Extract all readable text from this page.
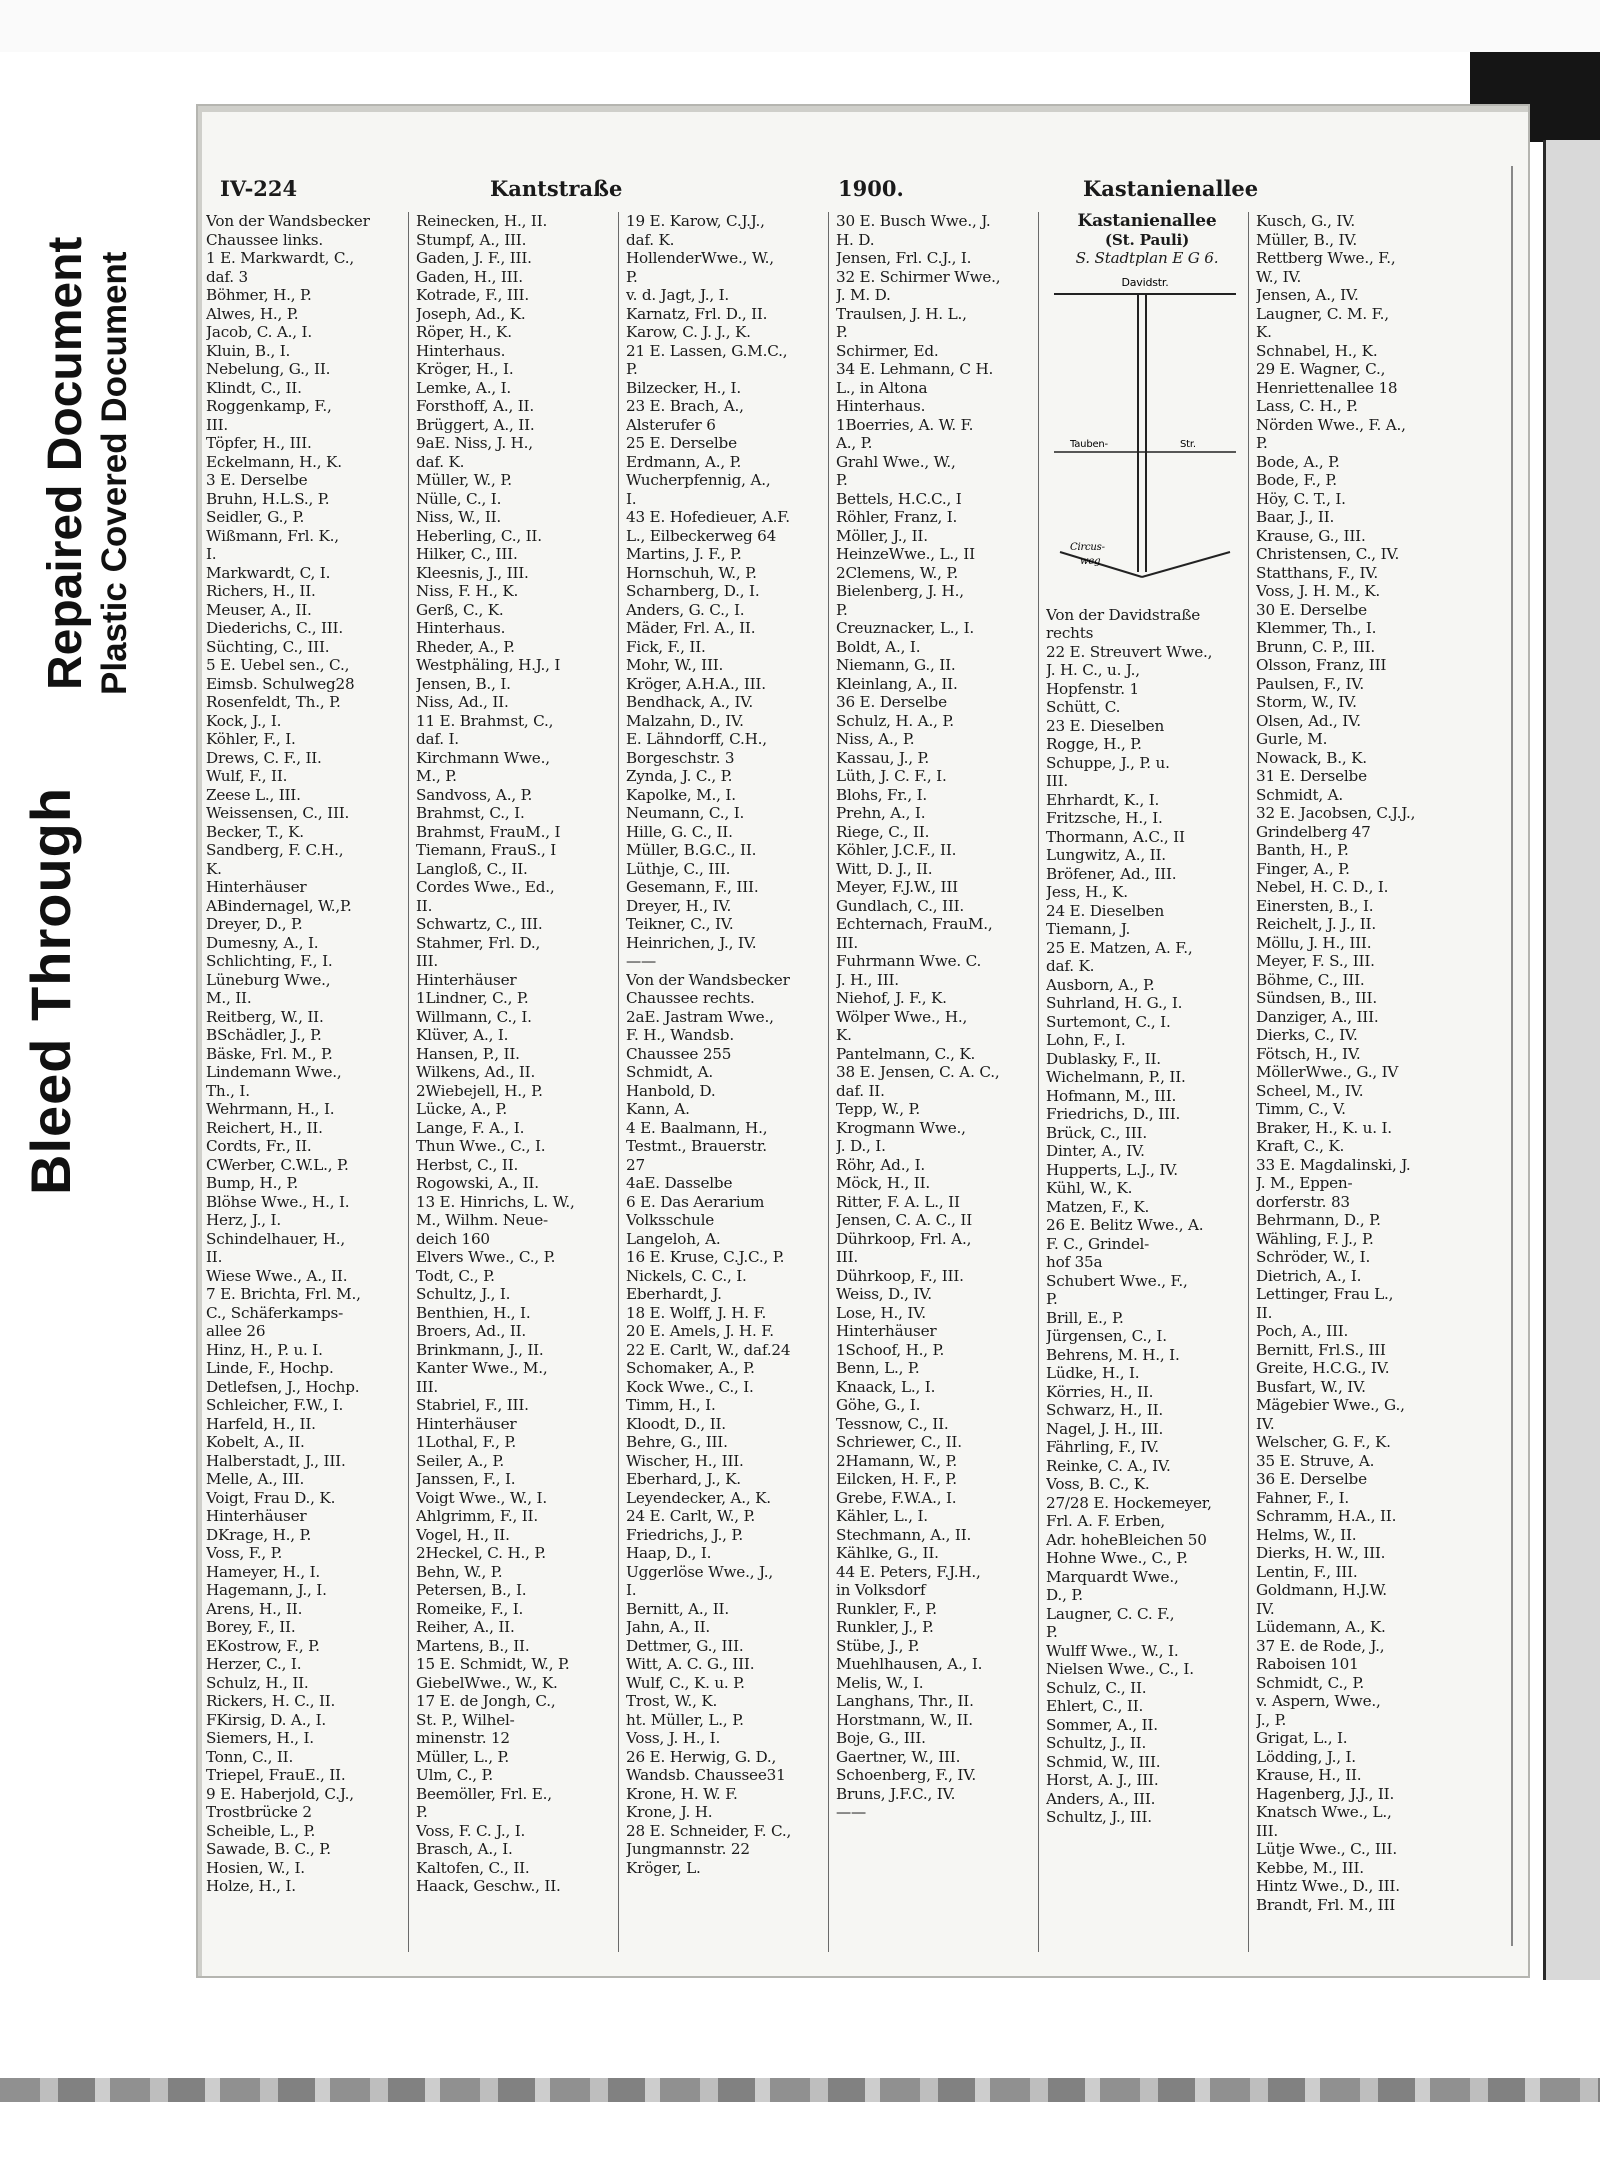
Bleed Through
Repaired Document Plastic Covered Document
IV-224	Kantstraße	1900.	Kastanienallee
Von der Wandsbecker
Chaussee links.
1 E. Markwardt, C.,
daf. 3
Böhmer, H., P.
Alwes, H., P.
Jacob, C. A., I.
Kluin, B., I.
Nebelung, G., II.
Klindt, C., II.
Roggenkamp, F.,
III.
Töpfer, H., III.
Eckelmann, H., K.
3 E. Derselbe
Bruhn, H.L.S., P.
Seidler, G., P.
Wißmann, Frl. K.,
I.
Markwardt, C, I.
Richers, H., II.
Meuser, A., II.
Diederichs, C., III.
Süchting, C., III.
5 E. Uebel sen., C.,
Eimsb. Schulweg28
Rosenfeldt, Th., P.
Kock, J., I.
Köhler, F., I.
Drews, C. F., II.
Wulf, F., II.
Zeese L., III.
Weissensen, C., III.
Becker, T., K.
Sandberg, F. C.H.,
K.
Hinterhäuser
ABindernagel, W.,P.
Dreyer, D., P.
Dumesny, A., I.
Schlichting, F., I.
Lüneburg Wwe.,
M., II.
Reitberg, W., II.
BSchädler, J., P.
Bäske, Frl. M., P.
Lindemann Wwe.,
Th., I.
Wehrmann, H., I.
Reichert, H., II.
Cordts, Fr., II.
CWerber, C.W.L., P.
Bump, H., P.
Blöhse Wwe., H., I.
Herz, J., I.
Schindelhauer, H.,
II.
Wiese Wwe., A., II.
7 E. Brichta, Frl. M.,
C., Schäferkamps-
allee 26
Hinz, H., P. u. I.
Linde, F., Hochp.
Detlefsen, J., Hochp.
Schleicher, F.W., I.
Harfeld, H., II.
Kobelt, A., II.
Halberstadt, J., III.
Melle, A., III.
Voigt, Frau D., K.
Hinterhäuser
DKrage, H., P.
Voss, F., P.
Hameyer, H., I.
Hagemann, J., I.
Arens, H., II.
Borey, F., II.
EKostrow, F., P.
Herzer, C., I.
Schulz, H., II.
Rickers, H. C., II.
FKirsig, D. A., I.
Siemers, H., I.
Tonn, C., II.
Triepel, FrauE., II.
9 E. Haberjold, C.J.,
Trostbrücke 2
Scheible, L., P.
Sawade, B. C., P.
Hosien, W., I.
Holze, H., I.
Reinecken, H., II.
Stumpf, A., III.
Gaden, J. F., III.
Gaden, H., III.
Kotrade, F., III.
Joseph, Ad., K.
Röper, H., K.
Hinterhaus.
Kröger, H., I.
Lemke, A., I.
Forsthoff, A., II.
Brüggert, A., II.
9aE. Niss, J. H.,
daf. K.
Müller, W., P.
Nülle, C., I.
Niss, W., II.
Heberling, C., II.
Hilker, C., III.
Kleesnis, J., III.
Niss, F. H., K.
Gerß, C., K.
Hinterhaus.
Rheder, A., P.
Westphäling, H.J., I
Jensen, B., I.
Niss, Ad., II.
11 E. Brahmst, C.,
daf. I.
Kirchmann Wwe.,
M., P.
Sandvoss, A., P.
Brahmst, C., I.
Brahmst, FrauM., I
Tiemann, FrauS., I
Langloß, C., II.
Cordes Wwe., Ed.,
II.
Schwartz, C., III.
Stahmer, Frl. D.,
III.
Hinterhäuser
1Lindner, C., P.
Willmann, C., I.
Klüver, A., I.
Hansen, P., II.
Wilkens, Ad., II.
2Wiebejell, H., P.
Lücke, A., P.
Lange, F. A., I.
Thun Wwe., C., I.
Herbst, C., II.
Rogowski, A., II.
13 E. Hinrichs, L. W.,
M., Wilhm. Neue-
deich 160
Elvers Wwe., C., P.
Todt, C., P.
Schultz, J., I.
Benthien, H., I.
Broers, Ad., II.
Brinkmann, J., II.
Kanter Wwe., M.,
III.
Stabriel, F., III.
Hinterhäuser
1Lothal, F., P.
Seiler, A., P.
Janssen, F., I.
Voigt Wwe., W., I.
Ahlgrimm, F., II.
Vogel, H., II.
2Heckel, C. H., P.
Behn, W., P.
Petersen, B., I.
Romeike, F., I.
Reiher, A., II.
Martens, B., II.
15 E. Schmidt, W., P.
GiebelWwe., W., K.
17 E. de Jongh, C.,
St. P., Wilhel-
minenstr. 12
Müller, L., P.
Ulm, C., P.
Beemöller, Frl. E.,
P.
Voss, F. C. J., I.
Brasch, A., I.
Kaltofen, C., II.
Haack, Geschw., II.
19 E. Karow, C.J.J.,
daf. K.
HollenderWwe., W.,
P.
v. d. Jagt, J., I.
Karnatz, Frl. D., II.
Karow, C. J. J., K.
21 E. Lassen, G.M.C.,
P.
Bilzecker, H., I.
23 E. Brach, A.,
Alsterufer 6
25 E. Derselbe
Erdmann, A., P.
Wucherpfennig, A.,
I.
43 E. Hofedieuer, A.F.
L., Eilbeckerweg 64
Martins, J. F., P.
Hornschuh, W., P.
Scharnberg, D., I.
Anders, G. C., I.
Mäder, Frl. A., II.
Fick, F., II.
Mohr, W., III.
Kröger, A.H.A., III.
Bendhack, A., IV.
Malzahn, D., IV.
E. Lähndorff, C.H.,
Borgeschstr. 3
Zynda, J. C., P.
Kapolke, M., I.
Neumann, C., I.
Hille, G. C., II.
Müller, B.G.C., II.
Lüthje, C., III.
Gesemann, F., III.
Dreyer, H., IV.
Teikner, C., IV.
Heinrichen, J., IV.
——
Von der Wandsbecker
Chaussee rechts.
2aE. Jastram Wwe.,
F. H., Wandsb.
Chaussee 255
Schmidt, A.
Hanbold, D.
Kann, A.
4 E. Baalmann, H.,
Testmt., Brauerstr.
27
4aE. Dasselbe
6 E. Das Aerarium
Volksschule
Langeloh, A.
16 E. Kruse, C.J.C., P.
Nickels, C. C., I.
Eberhardt, J.
18 E. Wolff, J. H. F.
20 E. Amels, J. H. F.
22 E. Carlt, W., daf.24
Schomaker, A., P.
Kock Wwe., C., I.
Timm, H., I.
Kloodt, D., II.
Behre, G., III.
Wischer, H., III.
Eberhard, J., K.
Leyendecker, A., K.
24 E. Carlt, W., P.
Friedrichs, J., P.
Haap, D., I.
Uggerlöse Wwe., J.,
I.
Bernitt, A., II.
Jahn, A., II.
Dettmer, G., III.
Witt, A. C. G., III.
Wulf, C., K. u. P.
Trost, W., K.
ht. Müller, L., P.
Voss, J. H., I.
26 E. Herwig, G. D.,
Wandsb. Chaussee31
Krone, H. W. F.
Krone, J. H.
28 E. Schneider, F. C.,
Jungmannstr. 22
Kröger, L.
30 E. Busch Wwe., J.
H. D.
Jensen, Frl. C.J., I.
32 E. Schirmer Wwe.,
J. M. D.
Traulsen, J. H. L.,
P.
Schirmer, Ed.
34 E. Lehmann, C H.
L., in Altona
Hinterhaus.
1Boerries, A. W. F.
A., P.
Grahl Wwe., W.,
P.
Bettels, H.C.C., I
Röhler, Franz, I.
Möller, J., II.
HeinzeWwe., L., II
2Clemens, W., P.
Bielenberg, J. H.,
P.
Creuznacker, L., I.
Boldt, A., I.
Niemann, G., II.
Kleinlang, A., II.
36 E. Derselbe
Schulz, H. A., P.
Niss, A., P.
Kassau, J., P.
Lüth, J. C. F., I.
Blohs, Fr., I.
Prehn, A., I.
Riege, C., II.
Köhler, J.C.F., II.
Witt, D. J., II.
Meyer, F.J.W., III
Gundlach, C., III.
Echternach, FrauM.,
III.
Fuhrmann Wwe. C.
J. H., III.
Niehof, J. F., K.
Wölper Wwe., H.,
K.
Pantelmann, C., K.
38 E. Jensen, C. A. C.,
daf. II.
Tepp, W., P.
Krogmann Wwe.,
J. D., I.
Röhr, Ad., I.
Möck, H., II.
Ritter, F. A. L., II
Jensen, C. A. C., II
Dührkoop, Frl. A.,
III.
Dührkoop, F., III.
Weiss, D., IV.
Lose, H., IV.
Hinterhäuser
1Schoof, H., P.
Benn, L., P.
Knaack, L., I.
Göhe, G., I.
Tessnow, C., II.
Schriewer, C., II.
2Hamann, W., P.
Eilcken, H. F., P.
Grebe, F.W.A., I.
Kähler, L., I.
Stechmann, A., II.
Kählke, G., II.
44 E. Peters, F.J.H.,
in Volksdorf
Runkler, F., P.
Runkler, J., P.
Stübe, J., P.
Muehlhausen, A., I.
Melis, W., I.
Langhans, Thr., II.
Horstmann, W., II.
Boje, G., III.
Gaertner, W., III.
Schoenberg, F., IV.
Bruns, J.F.C., IV.
——
Kastanienallee
(St. Pauli)
S. Stadtplan E G 6.
Davidstr.
Tauben-	Str.
Circus-
weg
Von der Davidstraße
rechts
22 E. Streuvert Wwe.,
J. H. C., u. J.,
Hopfenstr. 1
Schütt, C.
23 E. Dieselben
Rogge, H., P.
Schuppe, J., P. u.
III.
Ehrhardt, K., I.
Fritzsche, H., I.
Thormann, A.C., II
Lungwitz, A., II.
Bröfener, Ad., III.
Jess, H., K.
24 E. Dieselben
Tiemann, J.
25 E. Matzen, A. F.,
daf. K.
Ausborn, A., P.
Suhrland, H. G., I.
Surtemont, C., I.
Lohn, F., I.
Dublasky, F., II.
Wichelmann, P., II.
Hofmann, M., III.
Friedrichs, D., III.
Brück, C., III.
Dinter, A., IV.
Hupperts, L.J., IV.
Kühl, W., K.
Matzen, F., K.
26 E. Belitz Wwe., A.
F. C., Grindel-
hof 35a
Schubert Wwe., F.,
P.
Brill, E., P.
Jürgensen, C., I.
Behrens, M. H., I.
Lüdke, H., I.
Körries, H., II.
Schwarz, H., II.
Nagel, J. H., III.
Fährling, F., IV.
Reinke, C. A., IV.
Voss, B. C., K.
27/28 E. Hockemeyer,
Frl. A. F. Erben,
Adr. hoheBleichen 50
Hohne Wwe., C., P.
Marquardt Wwe.,
D., P.
Laugner, C. C. F.,
P.
Wulff Wwe., W., I.
Nielsen Wwe., C., I.
Schulz, C., II.
Ehlert, C., II.
Sommer, A., II.
Schultz, J., II.
Schmid, W., III.
Horst, A. J., III.
Anders, A., III.
Schultz, J., III.
Kusch, G., IV.
Müller, B., IV.
Rettberg Wwe., F.,
W., IV.
Jensen, A., IV.
Laugner, C. M. F.,
K.
Schnabel, H., K.
29 E. Wagner, C.,
Henriettenallee 18
Lass, C. H., P.
Nörden Wwe., F. A.,
P.
Bode, A., P.
Bode, F., P.
Höy, C. T., I.
Baar, J., II.
Krause, G., III.
Christensen, C., IV.
Statthans, F., IV.
Voss, J. H. M., K.
30 E. Derselbe
Klemmer, Th., I.
Brunn, C. P., III.
Olsson, Franz, III
Paulsen, F., IV.
Storm, W., IV.
Olsen, Ad., IV.
Gurle, M.
Nowack, B., K.
31 E. Derselbe
Schmidt, A.
32 E. Jacobsen, C.J.J.,
Grindelberg 47
Banth, H., P.
Finger, A., P.
Nebel, H. C. D., I.
Einersten, B., I.
Reichelt, J. J., II.
Möllu, J. H., III.
Meyer, F. S., III.
Böhme, C., III.
Sündsen, B., III.
Danziger, A., III.
Dierks, C., IV.
Fötsch, H., IV.
MöllerWwe., G., IV
Scheel, M., IV.
Timm, C., V.
Braker, H., K. u. I.
Kraft, C., K.
33 E. Magdalinski, J.
J. M., Eppen-
dorferstr. 83
Behrmann, D., P.
Wähling, F. J., P.
Schröder, W., I.
Dietrich, A., I.
Lettinger, Frau L.,
II.
Poch, A., III.
Bernitt, Frl.S., III
Greite, H.C.G., IV.
Busfart, W., IV.
Mägebier Wwe., G.,
IV.
Welscher, G. F., K.
35 E. Struve, A.
36 E. Derselbe
Fahner, F., I.
Schramm, H.A., II.
Helms, W., II.
Dierks, H. W., III.
Lentin, F., III.
Goldmann, H.J.W.
IV.
Lüdemann, A., K.
37 E. de Rode, J.,
Raboisen 101
Schmidt, C., P.
v. Aspern, Wwe.,
J., P.
Grigat, L., I.
Lödding, J., I.
Krause, H., II.
Hagenberg, J.J., II.
Knatsch Wwe., L.,
III.
Lütje Wwe., C., III.
Kebbe, M., III.
Hintz Wwe., D., III.
Brandt, Frl. M., III
